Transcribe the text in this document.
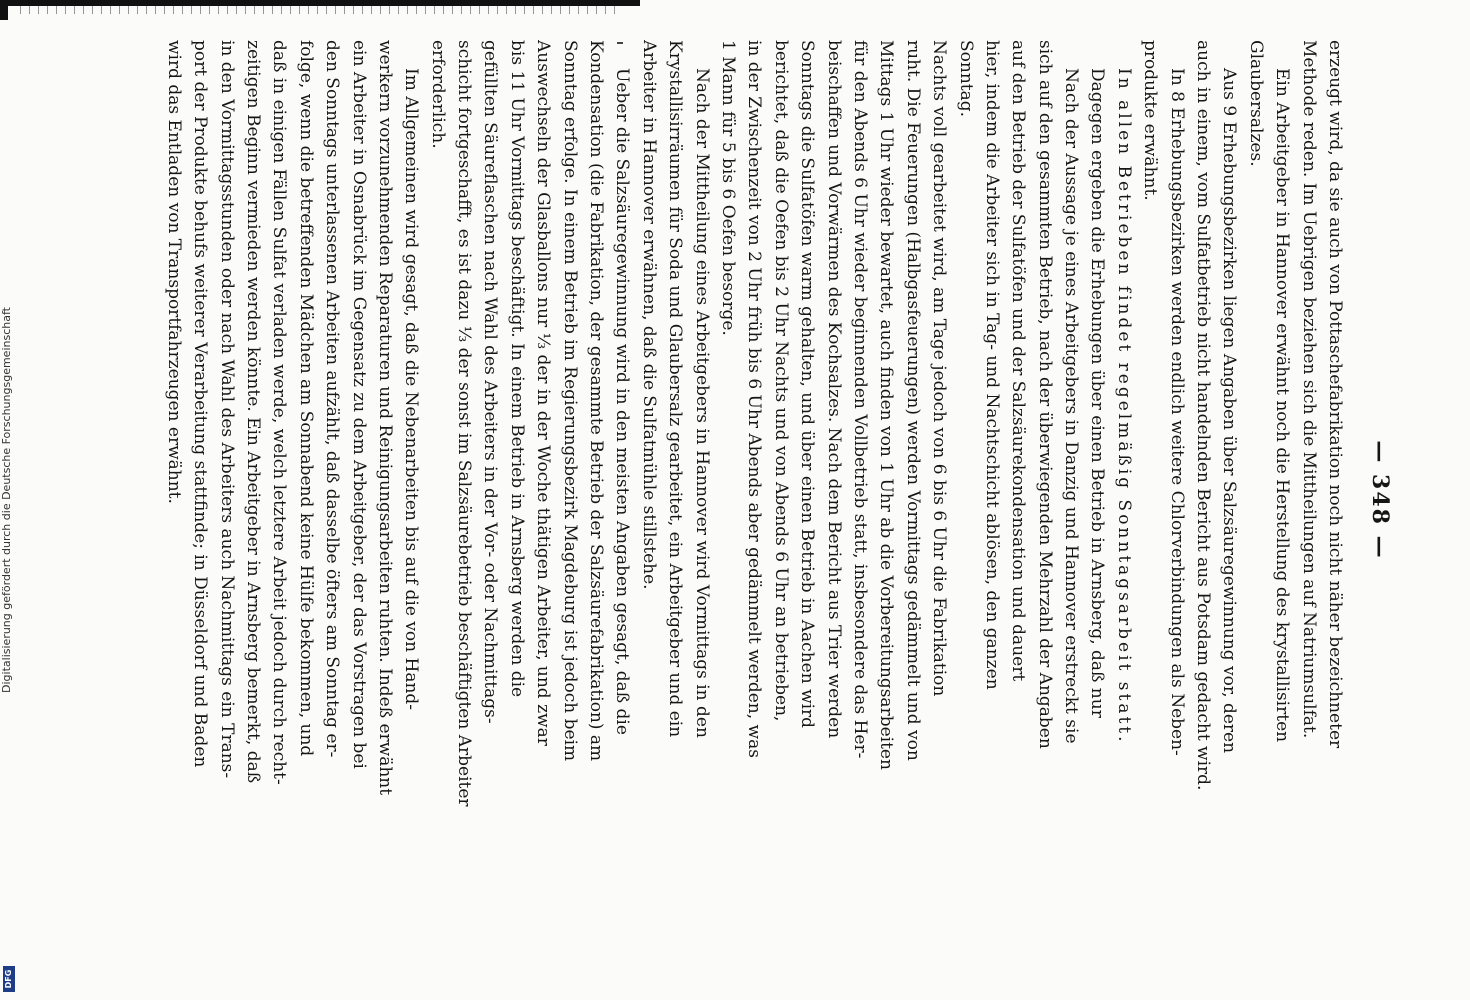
Digitalisierung gefördert durch die Deutsche Forschungsgemeinschaft
DFG
— 348 —
erzeugt wird, da sie auch von Pottaschefabrikation noch nicht näher bezeichneter
Methode reden. Im Uebrigen beziehen sich die Mittheilungen auf Natriumsulfat.
Ein Arbeitgeber in Hannover erwähnt noch die Herstellung des krystallisirten
Glaubersalzes.
Aus 9 Erhebungsbezirken liegen Angaben über Salzsäuregewinnung vor, deren
auch in einem, vom Sulfatbetrieb nicht handelnden Bericht aus Potsdam gedacht wird.
In 8 Erhebungsbezirken werden endlich weitere Chlorverbindungen als Neben-
produkte erwähnt.
In allen Betrieben findet regelmäßig Sonntagsarbeit statt.
Dagegen ergeben die Erhebungen über einen Betrieb in Arnsberg, daß nur
Nach der Aussage je eines Arbeitgebers in Danzig und Hannover erstreckt sie
sich auf den gesammten Betrieb, nach der überwiegenden Mehrzahl der Angaben
auf den Betrieb der Sulfatöfen und der Salzsäurekondensation und dauert
hier, indem die Arbeiter sich in Tag- und Nachtschicht ablösen, den ganzen
Sonntag.
Nachts voll gearbeitet wird, am Tage jedoch von 6 bis 6 Uhr die Fabrikation
ruht. Die Feuerungen (Halbgasfeuerungen) werden Vormittags gedämmelt und von
Mittags 1 Uhr wieder bewartet, auch finden von 1 Uhr ab die Vorbereitungsarbeiten
für den Abends 6 Uhr wieder beginnenden Vollbetrieb statt, insbesondere das Her-
beischaffen und Vorwärmen des Kochsalzes. Nach dem Bericht aus Trier werden
Sonntags die Sulfatöfen warm gehalten, und über einen Betrieb in Aachen wird
berichtet, daß die Oefen bis 2 Uhr Nachts und von Abends 6 Uhr an betrieben,
in der Zwischenzeit von 2 Uhr früh bis 6 Uhr Abends aber gedämmelt werden, was
1 Mann für 5 bis 6 Oefen besorge.
Nach der Mittheilung eines Arbeitgebers in Hannover wird Vormittags in den
Krystallisirräumen für Soda und Glaubersalz gearbeitet, ein Arbeitgeber und ein
Arbeiter in Hannover erwähnen, daß die Sulfatmühle stillstehe.
Ueber die Salzsäuregewinnung wird in den meisten Angaben gesagt, daß die
Kondensation (die Fabrikation, der gesammte Betrieb der Salzsäurefabrikation) am
Sonntag erfolge. In einem Betrieb im Regierungsbezirk Magdeburg ist jedoch beim
Auswechseln der Glasballons nur ⅓ der in der Woche thätigen Arbeiter, und zwar
bis 11 Uhr Vormittags beschäftigt. In einem Betrieb in Arnsberg werden die
gefüllten Säureflaschen nach Wahl des Arbeiters in der Vor- oder Nachmittags-
schicht fortgeschafft, es ist dazu ⅓ der sonst im Salzsäurebetrieb beschäftigten Arbeiter
erforderlich.
Im Allgemeinen wird gesagt, daß die Nebenarbeiten bis auf die von Hand-
werkern vorzunehmenden Reparaturen und Reinigungsarbeiten ruhten. Indeß erwähnt
ein Arbeiter in Osnabrück im Gegensatz zu dem Arbeitgeber, der das Vorstragen bei
den Sonntags unterlassenen Arbeiten aufzählt, daß dasselbe öfters am Sonntag er-
folge, wenn die betreffenden Mädchen am Sonnabend keine Hülfe bekommen, und
daß in einigen Fällen Sulfat verladen werde, welch letztere Arbeit jedoch durch recht-
zeitigen Beginn vermieden werden könnte. Ein Arbeitgeber in Arnsberg bemerkt, daß
in den Vormittagsstunden oder nach Wahl des Arbeiters auch Nachmittags ein Trans-
port der Produkte behufs weiterer Verarbeitung stattfinde; in Düsseldorf und Baden
wird das Entladen von Transportfahrzeugen erwähnt.
